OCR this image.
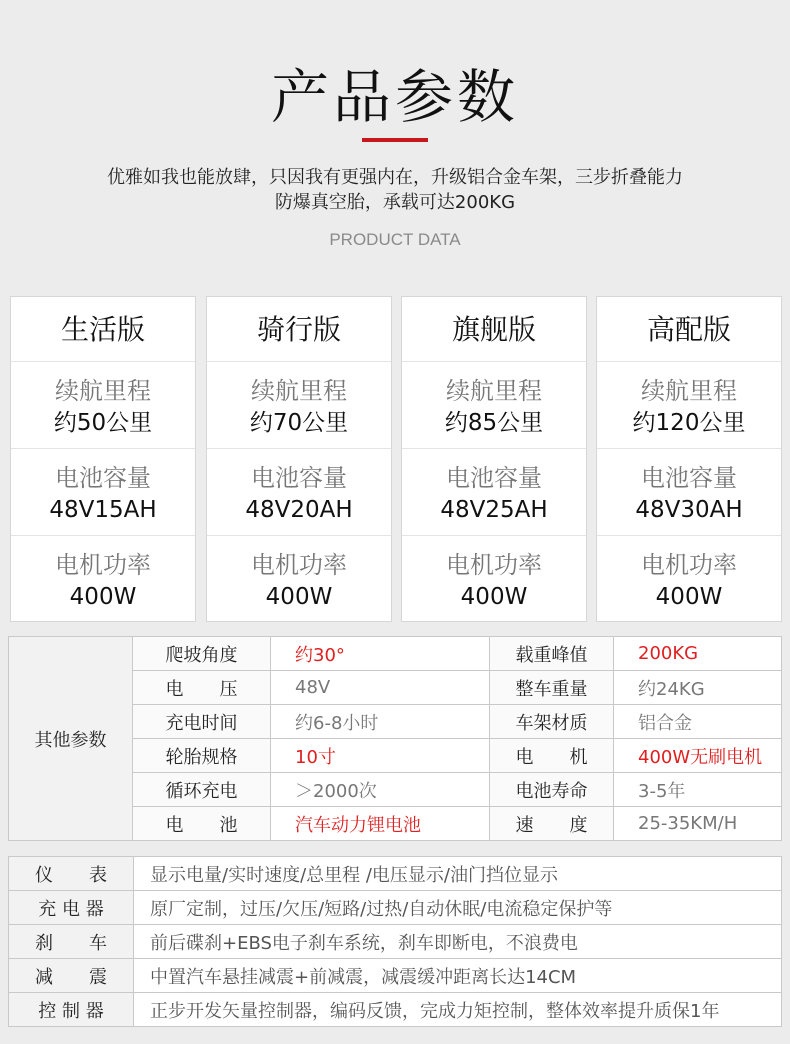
产品参数
优雅如我也能放肆，只因我有更强内在，升级铝合金车架，三步折叠能力
防爆真空胎，承载可达200KG
PRODUCT DATA
生活版
续航里程
约50公里
电池容量
48V15AH
电机功率
400W
骑行版
续航里程
约70公里
电池容量
48V20AH
电机功率
400W
旗舰版
续航里程
约85公里
电池容量
48V25AH
电机功率
400W
高配版
续航里程
约120公里
电池容量
48V30AH
电机功率
400W
其他参数	爬坡角度	约30°	载重峰值	200KG
	电　　压	48V	整车重量	约24KG
	充电时间	约6-8小时	车架材质	铝合金
	轮胎规格	10寸	电　　机	400W无刷电机
	循环充电	＞2000次	电池寿命	3-5年
	电　　池	汽车动力锂电池	速　　度	25-35KM/H
仪　　表	显示电量/实时速度/总里程 /电压显示/油门挡位显示
充 电 器	原厂定制，过压/欠压/短路/过热/自动休眠/电流稳定保护等
刹　　车	前后碟刹+EBS电子刹车系统，刹车即断电，不浪费电
减　　震	中置汽车悬挂减震+前减震，减震缓冲距离长达14CM
控 制 器	正步开发矢量控制器，编码反馈，完成力矩控制，整体效率提升质保1年
